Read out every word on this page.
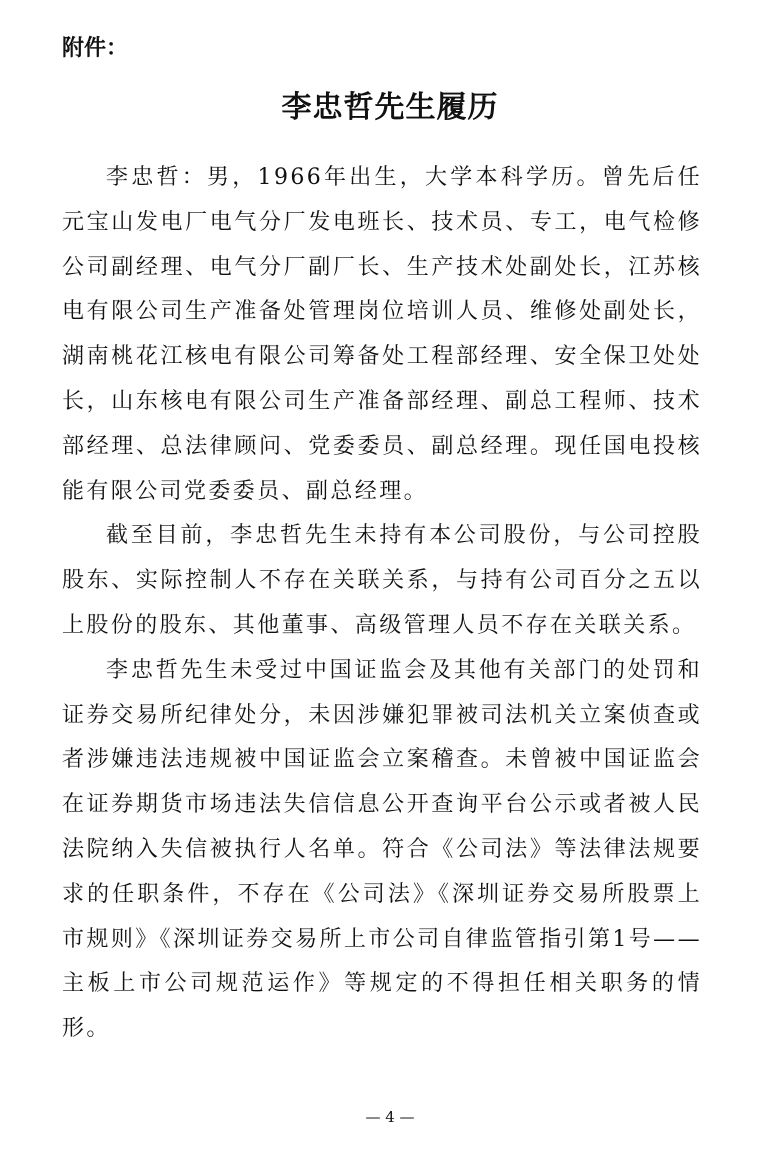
附件：

李忠哲先生履历

李忠哲：男，1966年出生，大学本科学历。曾先后任元宝山发电厂电气分厂发电班长、技术员、专工，电气检修公司副经理、电气分厂副厂长、生产技术处副处长，江苏核电有限公司生产准备处管理岗位培训人员、维修处副处长，湖南桃花江核电有限公司筹备处工程部经理、安全保卫处处长，山东核电有限公司生产准备部经理、副总工程师、技术部经理、总法律顾问、党委委员、副总经理。现任国电投核能有限公司党委委员、副总经理。

截至目前，李忠哲先生未持有本公司股份，与公司控股股东、实际控制人不存在关联关系，与持有公司百分之五以上股份的股东、其他董事、高级管理人员不存在关联关系。

李忠哲先生未受过中国证监会及其他有关部门的处罚和证券交易所纪律处分，未因涉嫌犯罪被司法机关立案侦查或者涉嫌违法违规被中国证监会立案稽查。未曾被中国证监会在证券期货市场违法失信信息公开查询平台公示或者被人民法院纳入失信被执行人名单。符合《公司法》等法律法规要求的任职条件，不存在《公司法》《深圳证券交易所股票上市规则》《深圳证券交易所上市公司自律监管指引第1号——主板上市公司规范运作》等规定的不得担任相关职务的情形。

— 4 —
